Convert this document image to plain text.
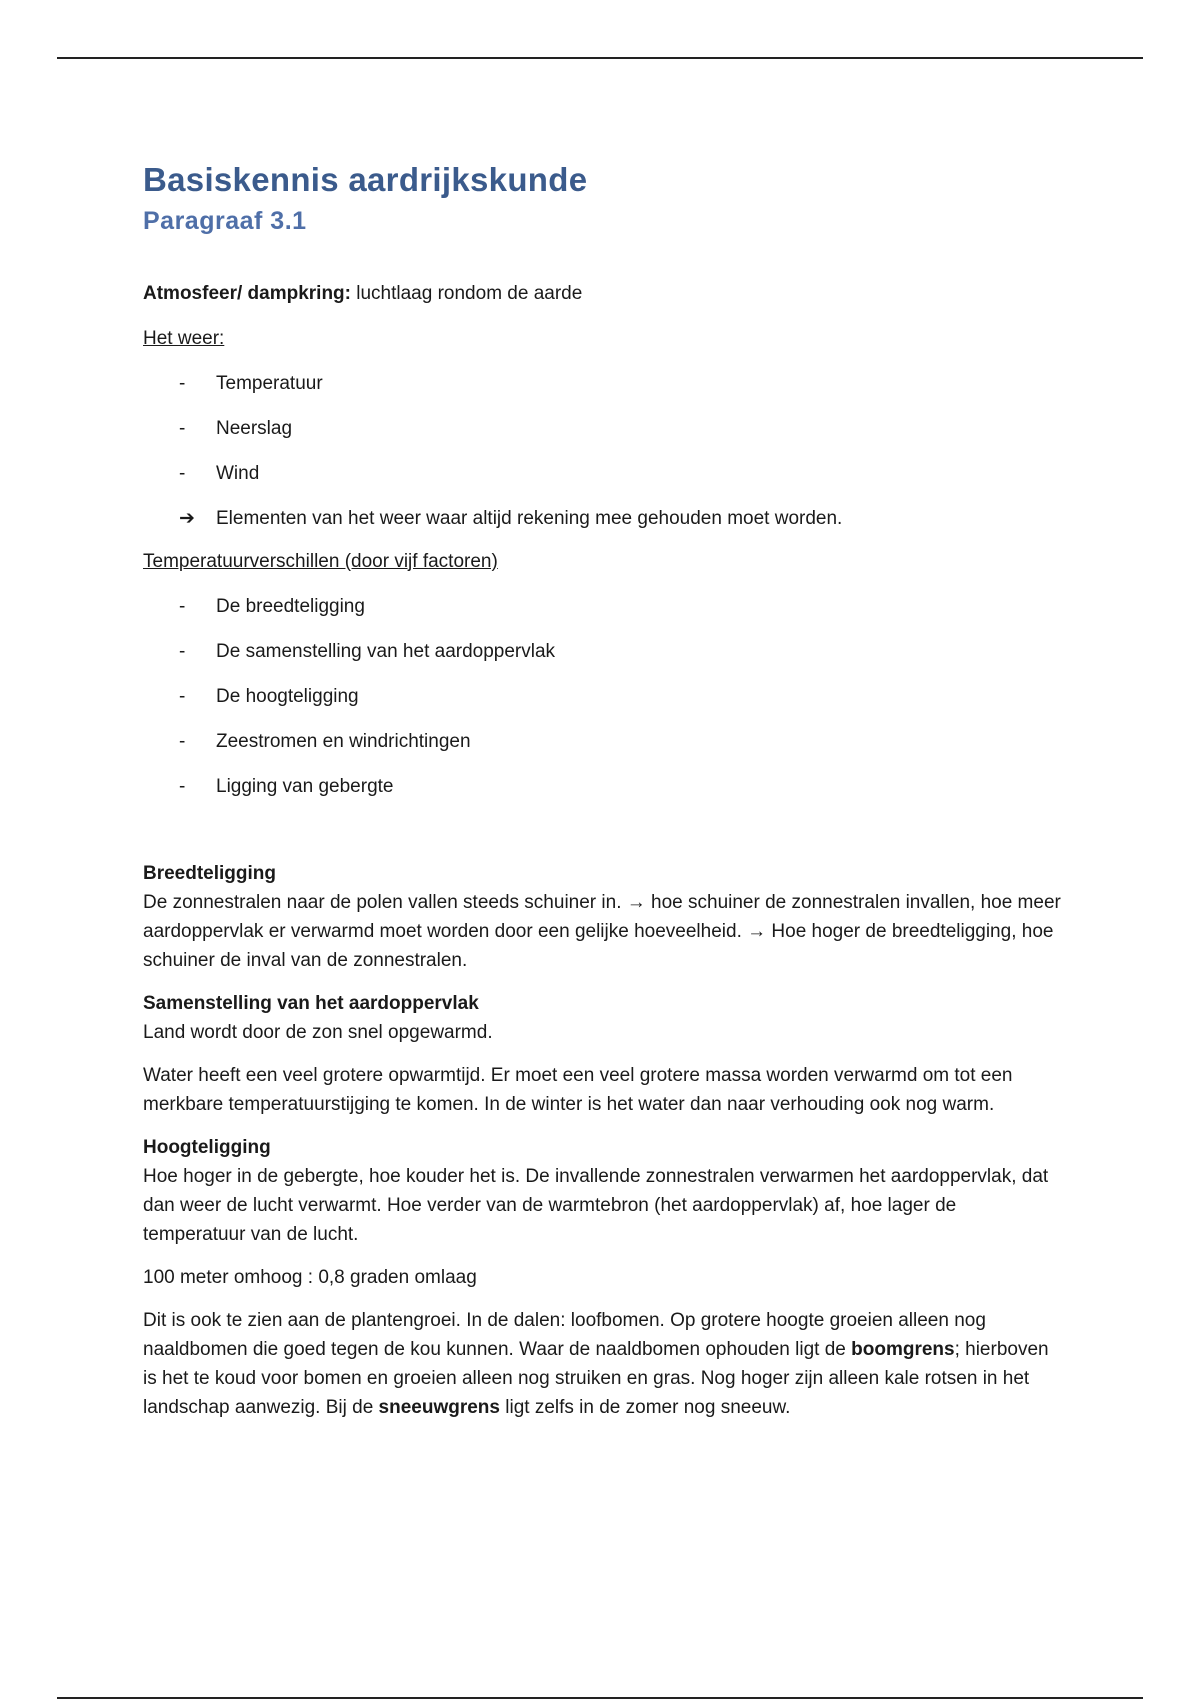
Basiskennis aardrijkskunde
Paragraaf 3.1

Atmosfeer/ dampkring: luchtlaag rondom de aarde

Het weer:

-	Temperatuur
-	Neerslag
-	Wind
➔ Elementen van het weer waar altijd rekening mee gehouden moet worden.

Temperatuurverschillen (door vijf factoren)

-	De breedteligging
-	De samenstelling van het aardoppervlak
-	De hoogteligging
-	Zeestromen en windrichtingen
-	Ligging van gebergte

Breedteligging

De zonnestralen naar de polen vallen steeds schuiner in. → hoe schuiner de zonnestralen invallen, hoe meer aardoppervlak er verwarmd moet worden door een gelijke hoeveelheid. → Hoe hoger de breedteligging, hoe schuiner de inval van de zonnestralen.

Samenstelling van het aardoppervlak

Land wordt door de zon snel opgewarmd.

Water heeft een veel grotere opwarmtijd. Er moet een veel grotere massa worden verwarmd om tot een merkbare temperatuurstijging te komen. In de winter is het water dan naar verhouding ook nog warm.

Hoogteligging

Hoe hoger in de gebergte, hoe kouder het is. De invallende zonnestralen verwarmen het aardoppervlak, dat dan weer de lucht verwarmt. Hoe verder van de warmtebron (het aardoppervlak) af, hoe lager de temperatuur van de lucht.

100 meter omhoog : 0,8 graden omlaag

Dit is ook te zien aan de plantengroei. In de dalen: loofbomen. Op grotere hoogte groeien alleen nog naaldbomen die goed tegen de kou kunnen. Waar de naaldbomen ophouden ligt de boomgrens; hierboven is het te koud voor bomen en groeien alleen nog struiken en gras. Nog hoger zijn alleen kale rotsen in het landschap aanwezig. Bij de sneeuwgrens ligt zelfs in de zomer nog sneeuw.
